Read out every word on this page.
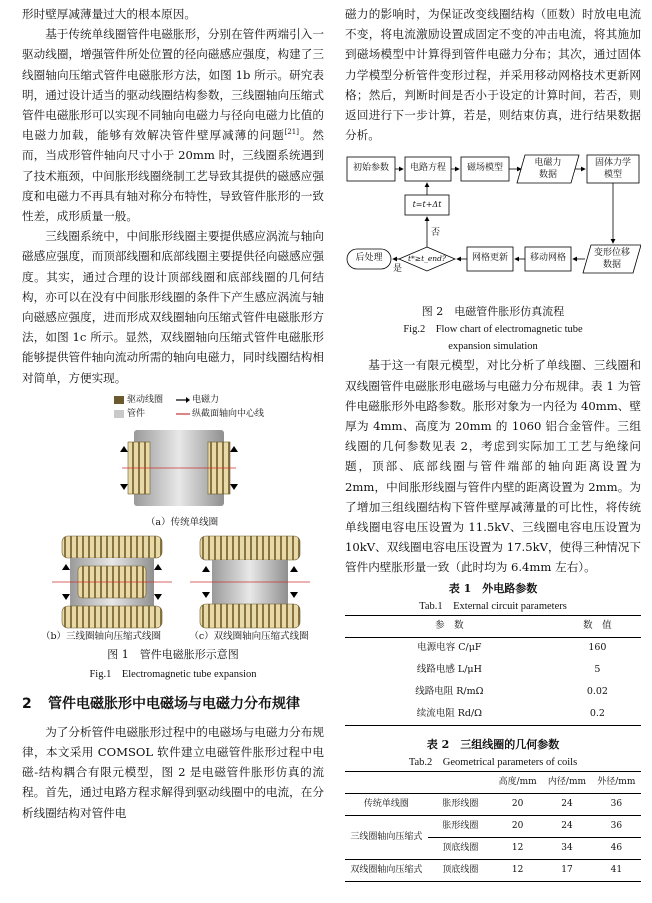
形时壁厚减薄量过大的根本原因。

基于传统单线圈管件电磁胀形，分别在管件两端引入一驱动线圈，增强管件所处位置的径向磁感应强度，构建了三线圈轴向压缩式管件电磁胀形方法，如图 1b 所示。研究表明，通过设计适当的驱动线圈结构参数，三线圈轴向压缩式管件电磁胀形可以实现不同轴向电磁力与径向电磁力比值的电磁力加载，能够有效解决管件壁厚减薄的问题[21]。然而，当成形管件轴向尺寸小于 20mm 时，三线圈系统遇到了技术瓶颈，中间胀形线圈绕制工艺导致其提供的磁感应强度和电磁力不再具有轴对称分布特性，导致管件胀形的一致性差，成形质量一般。

三线圈系统中，中间胀形线圈主要提供感应涡流与轴向磁感应强度，而顶部线圈和底部线圈主要提供径向磁感应强度。其实，通过合理的设计顶部线圈和底部线圈的几何结构，亦可以在没有中间胀形线圈的条件下产生感应涡流与轴向磁感应强度，进而形成双线圈轴向压缩式管件电磁胀形方法，如图 1c 所示。显然，双线圈轴向压缩式管件电磁胀形能够提供管件轴向流动所需的轴向电磁力，同时线圈结构相对简单，方便实现。

驱动线圈	电磁力
管件	纵截面轴向中心线
（a）传统单线圈
（b）三线圈轴向压缩式线圈	（c）双线圈轴向压缩式线圈
图 1　管件电磁胀形示意图
Fig.1　Electromagnetic tube expansion
2	管件电磁胀形中电磁场与电磁力分布规律

为了分析管件电磁胀形过程中的电磁场与电磁力分布规律，本文采用 COMSOL 软件建立电磁管件胀形过程中电磁-结构耦合有限元模型，图 2 是电磁管件胀形仿真的流程。首先，通过电路方程求解得到驱动线圈中的电流，在分析线圈结构对管件电

磁力的影响时，为保证改变线圈结构（匝数）时放电电流不变，将电流激励设置成固定不变的冲击电流，将其施加到磁场模型中计算得到管件电磁力分布；其次，通过固体力学模型分析管件变形过程，并采用移动网格技术更新网格；然后，判断时间是否小于设定的计算时间，若否，则返回进行下一步计算，若是，则结束仿真，进行结果数据分析。

初始参数	电路方程	磁场模型	电磁力
数据
固体力学
模型
变形位移
数据
移动网格
网格更新
t*≥t_end?
后处理
t=t+Δt
是
否
图 2　电磁管件胀形仿真流程
Fig.2　Flow chart of electromagnetic tube
expansion simulation

基于这一有限元模型，对比分析了单线圈、三线圈和双线圈管件电磁胀形电磁场与电磁力分布规律。表 1 为管件电磁胀形外电路参数。胀形对象为一内径为 40mm、壁厚为 4mm、高度为 20mm 的 1060 铝合金管件。三组线圈的几何参数见表 2，考虑到实际加工工艺与绝缘问题，顶部、底部线圈与管件端部的轴向距离设置为 2mm，中间胀形线圈与管件内壁的距离设置为 2mm。为了增加三组线圈结构下管件壁厚减薄量的可比性，将传统单线圈电容电压设置为 11.5kV、三线圈电容电压设置为 10kV、双线圈电容电压设置为 17.5kV，使得三种情况下管件内壁胀形量一致（此时均为 6.4mm 左右）。

表 1　外电路参数
Tab.1　External circuit parameters
参　数	数　值
电源电容 C/μF	160
线路电感 L/μH	5
线路电阻 R/mΩ	0.02
续流电阻 Rd/Ω	0.2
表 2　三组线圈的几何参数
Tab.2　Geometrical parameters of coils
		高度/mm	内径/mm	外径/mm
传统单线圈	胀形线圈	20	24	36
三线圈轴向压缩式	胀形线圈	20	24	36
	顶底线圈	12	34	46
双线圈轴向压缩式	顶底线圈	12	17	41
